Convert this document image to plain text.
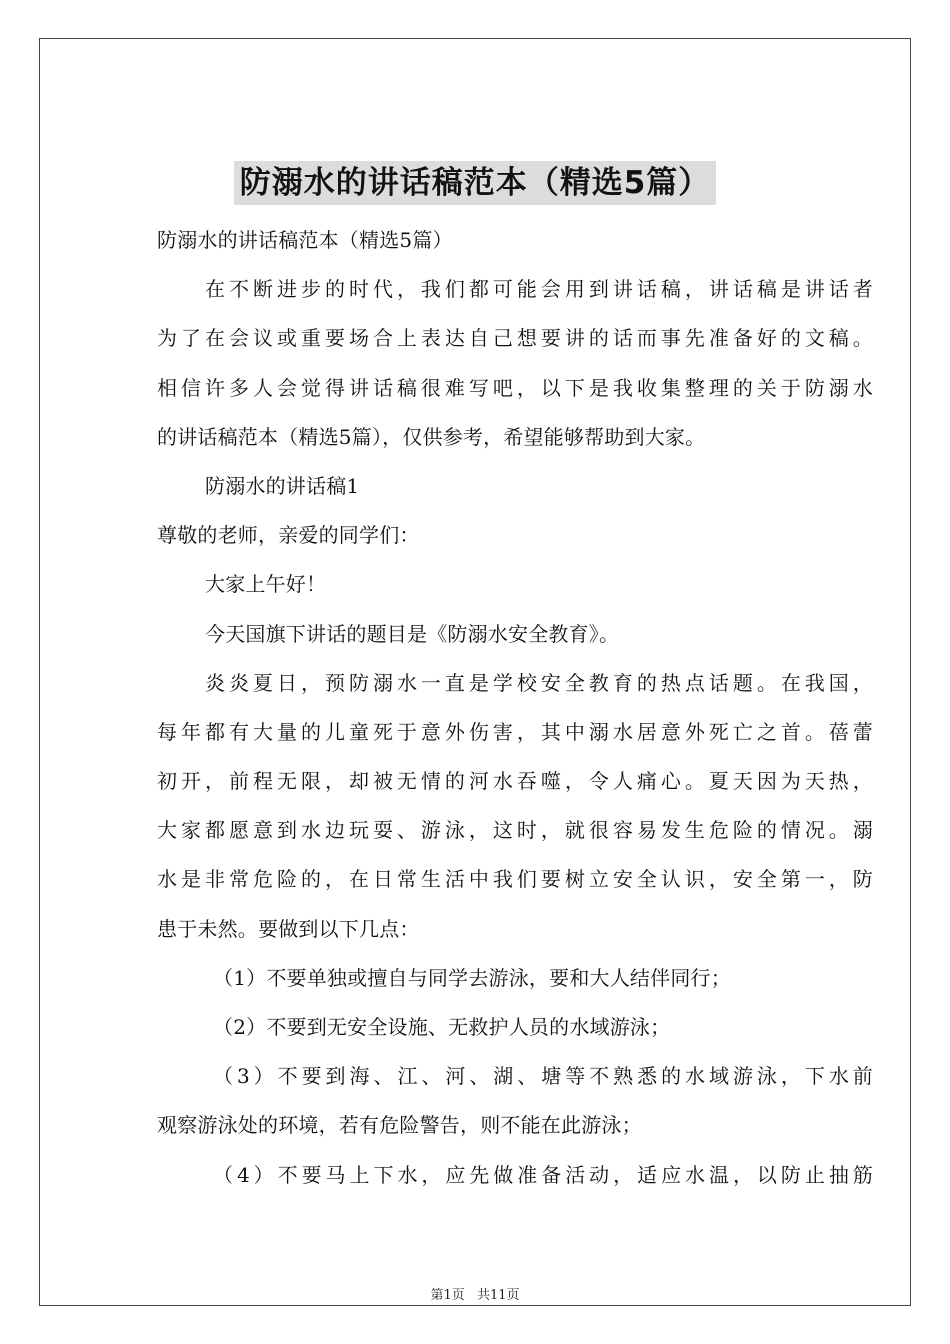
防溺水的讲话稿范本（精选5篇）
防溺水的讲话稿范本（精选5篇）
在不断进步的时代，我们都可能会用到讲话稿，讲话稿是讲话者
为了在会议或重要场合上表达自己想要讲的话而事先准备好的文稿。
相信许多人会觉得讲话稿很难写吧，以下是我收集整理的关于防溺水
的讲话稿范本（精选5篇），仅供参考，希望能够帮助到大家。
防溺水的讲话稿1
尊敬的老师，亲爱的同学们：
大家上午好！
今天国旗下讲话的题目是《防溺水安全教育》。
炎炎夏日，预防溺水一直是学校安全教育的热点话题。在我国，
每年都有大量的儿童死于意外伤害，其中溺水居意外死亡之首。蓓蕾
初开，前程无限，却被无情的河水吞噬，令人痛心。夏天因为天热，
大家都愿意到水边玩耍、游泳，这时，就很容易发生危险的情况。溺
水是非常危险的，在日常生活中我们要树立安全认识，安全第一，防
患于未然。要做到以下几点：
（1）不要单独或擅自与同学去游泳，要和大人结伴同行；
（2）不要到无安全设施、无救护人员的水域游泳；
（3）不要到海、江、河、湖、塘等不熟悉的水域游泳，下水前
观察游泳处的环境，若有危险警告，则不能在此游泳；
（4）不要马上下水，应先做准备活动，适应水温，以防止抽筋
第1页 共11页
